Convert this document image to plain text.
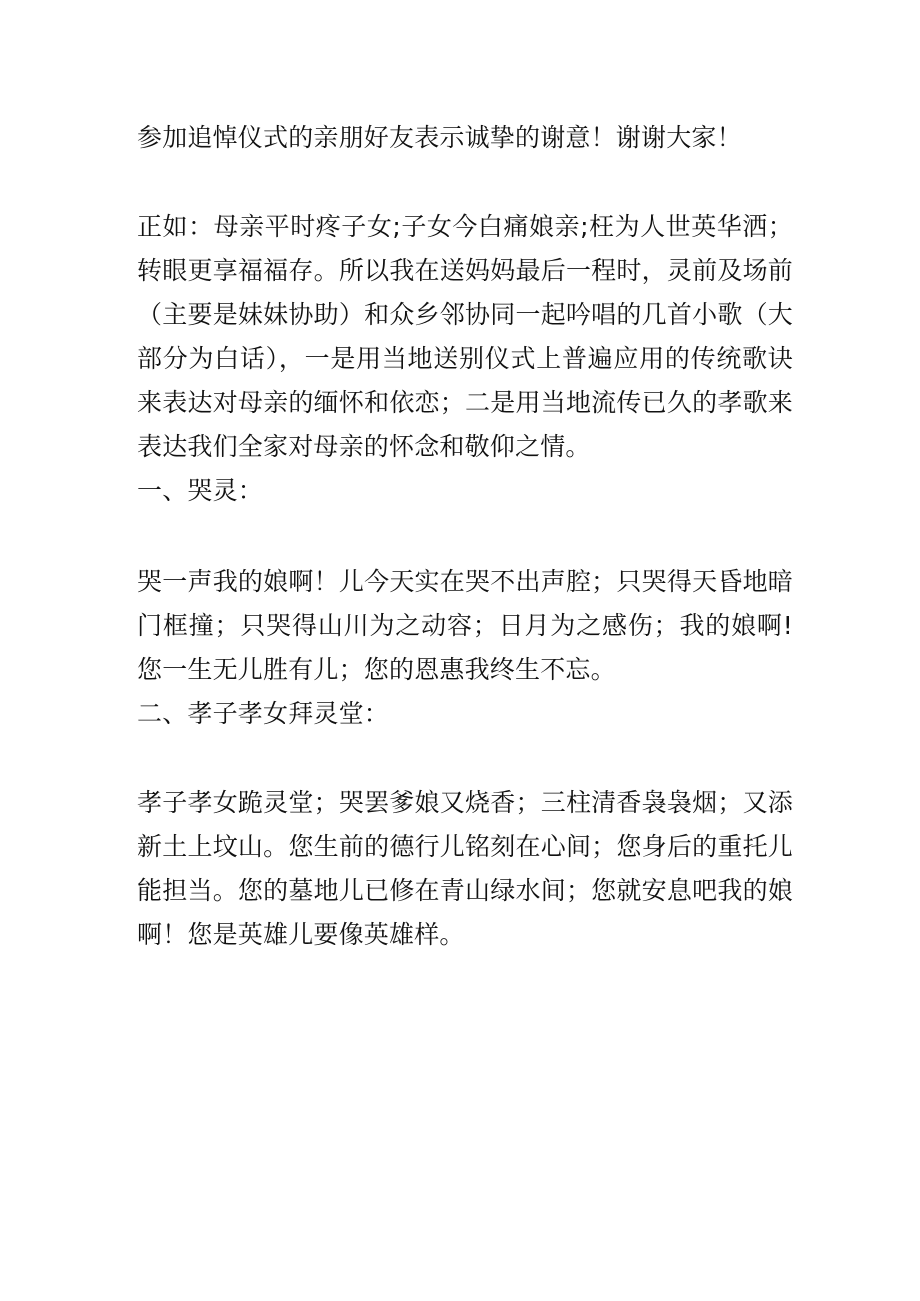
参加追悼仪式的亲朋好友表示诚挚的谢意！谢谢大家！

正如：母亲平时疼子女;子女今白痛娘亲;枉为人世英华洒；转眼更享福福存。所以我在送妈妈最后一程时，灵前及场前（主要是妹妹协助）和众乡邻协同一起吟唱的几首小歌（大部分为白话），一是用当地送别仪式上普遍应用的传统歌诀来表达对母亲的缅怀和依恋；二是用当地流传已久的孝歌来表达我们全家对母亲的怀念和敬仰之情。

一、哭灵：

哭一声我的娘啊！儿今天实在哭不出声腔；只哭得天昏地暗门框撞；只哭得山川为之动容；日月为之感伤；我的娘啊!您一生无儿胜有儿；您的恩惠我终生不忘。

二、孝子孝女拜灵堂：

孝子孝女跪灵堂；哭罢爹娘又烧香；三柱清香袅袅烟；又添新土上坟山。您生前的德行儿铭刻在心间；您身后的重托儿能担当。您的墓地儿已修在青山绿水间；您就安息吧我的娘啊！您是英雄儿要像英雄样。
